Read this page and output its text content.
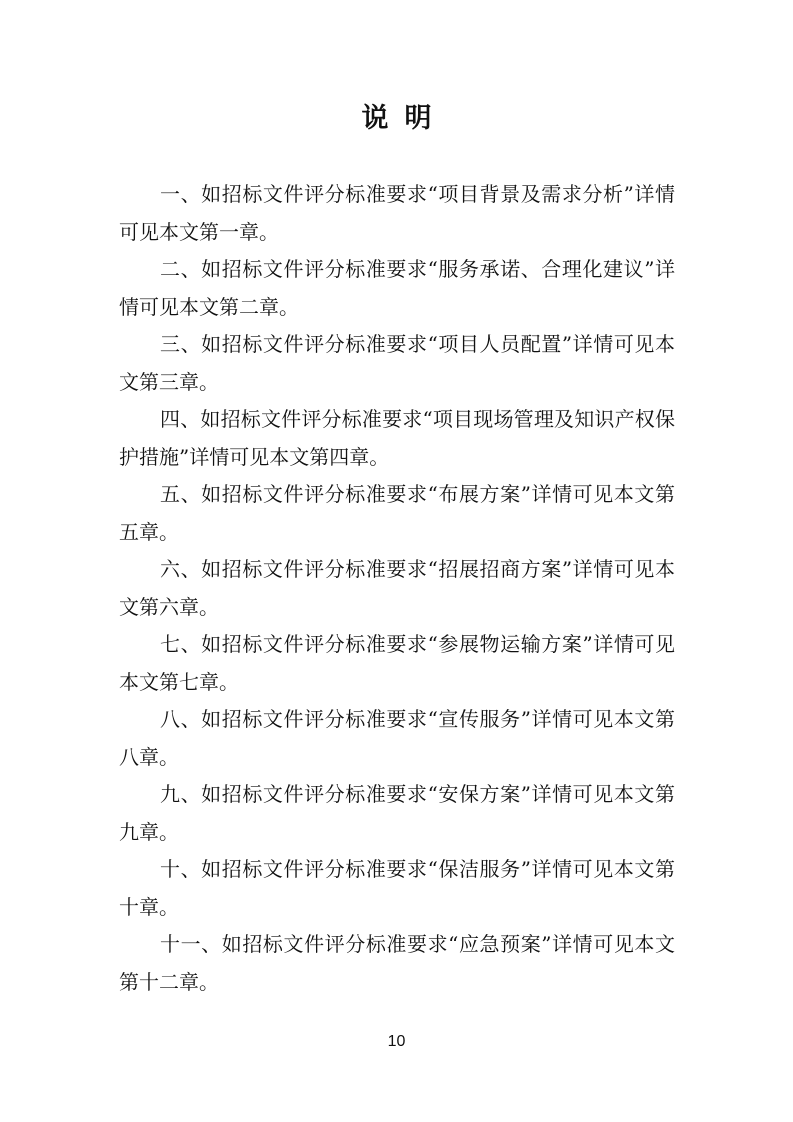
说明

一、如招标文件评分标准要求“项目背景及需求分析”详情可见本文第一章。

二、如招标文件评分标准要求“服务承诺、合理化建议”详情可见本文第二章。

三、如招标文件评分标准要求“项目人员配置”详情可见本文第三章。

四、如招标文件评分标准要求“项目现场管理及知识产权保护措施”详情可见本文第四章。

五、如招标文件评分标准要求“布展方案”详情可见本文第五章。

六、如招标文件评分标准要求“招展招商方案”详情可见本文第六章。

七、如招标文件评分标准要求“参展物运输方案”详情可见本文第七章。

八、如招标文件评分标准要求“宣传服务”详情可见本文第八章。

九、如招标文件评分标准要求“安保方案”详情可见本文第九章。

十、如招标文件评分标准要求“保洁服务”详情可见本文第十章。

十一、如招标文件评分标准要求“应急预案”详情可见本文第十二章。

10
